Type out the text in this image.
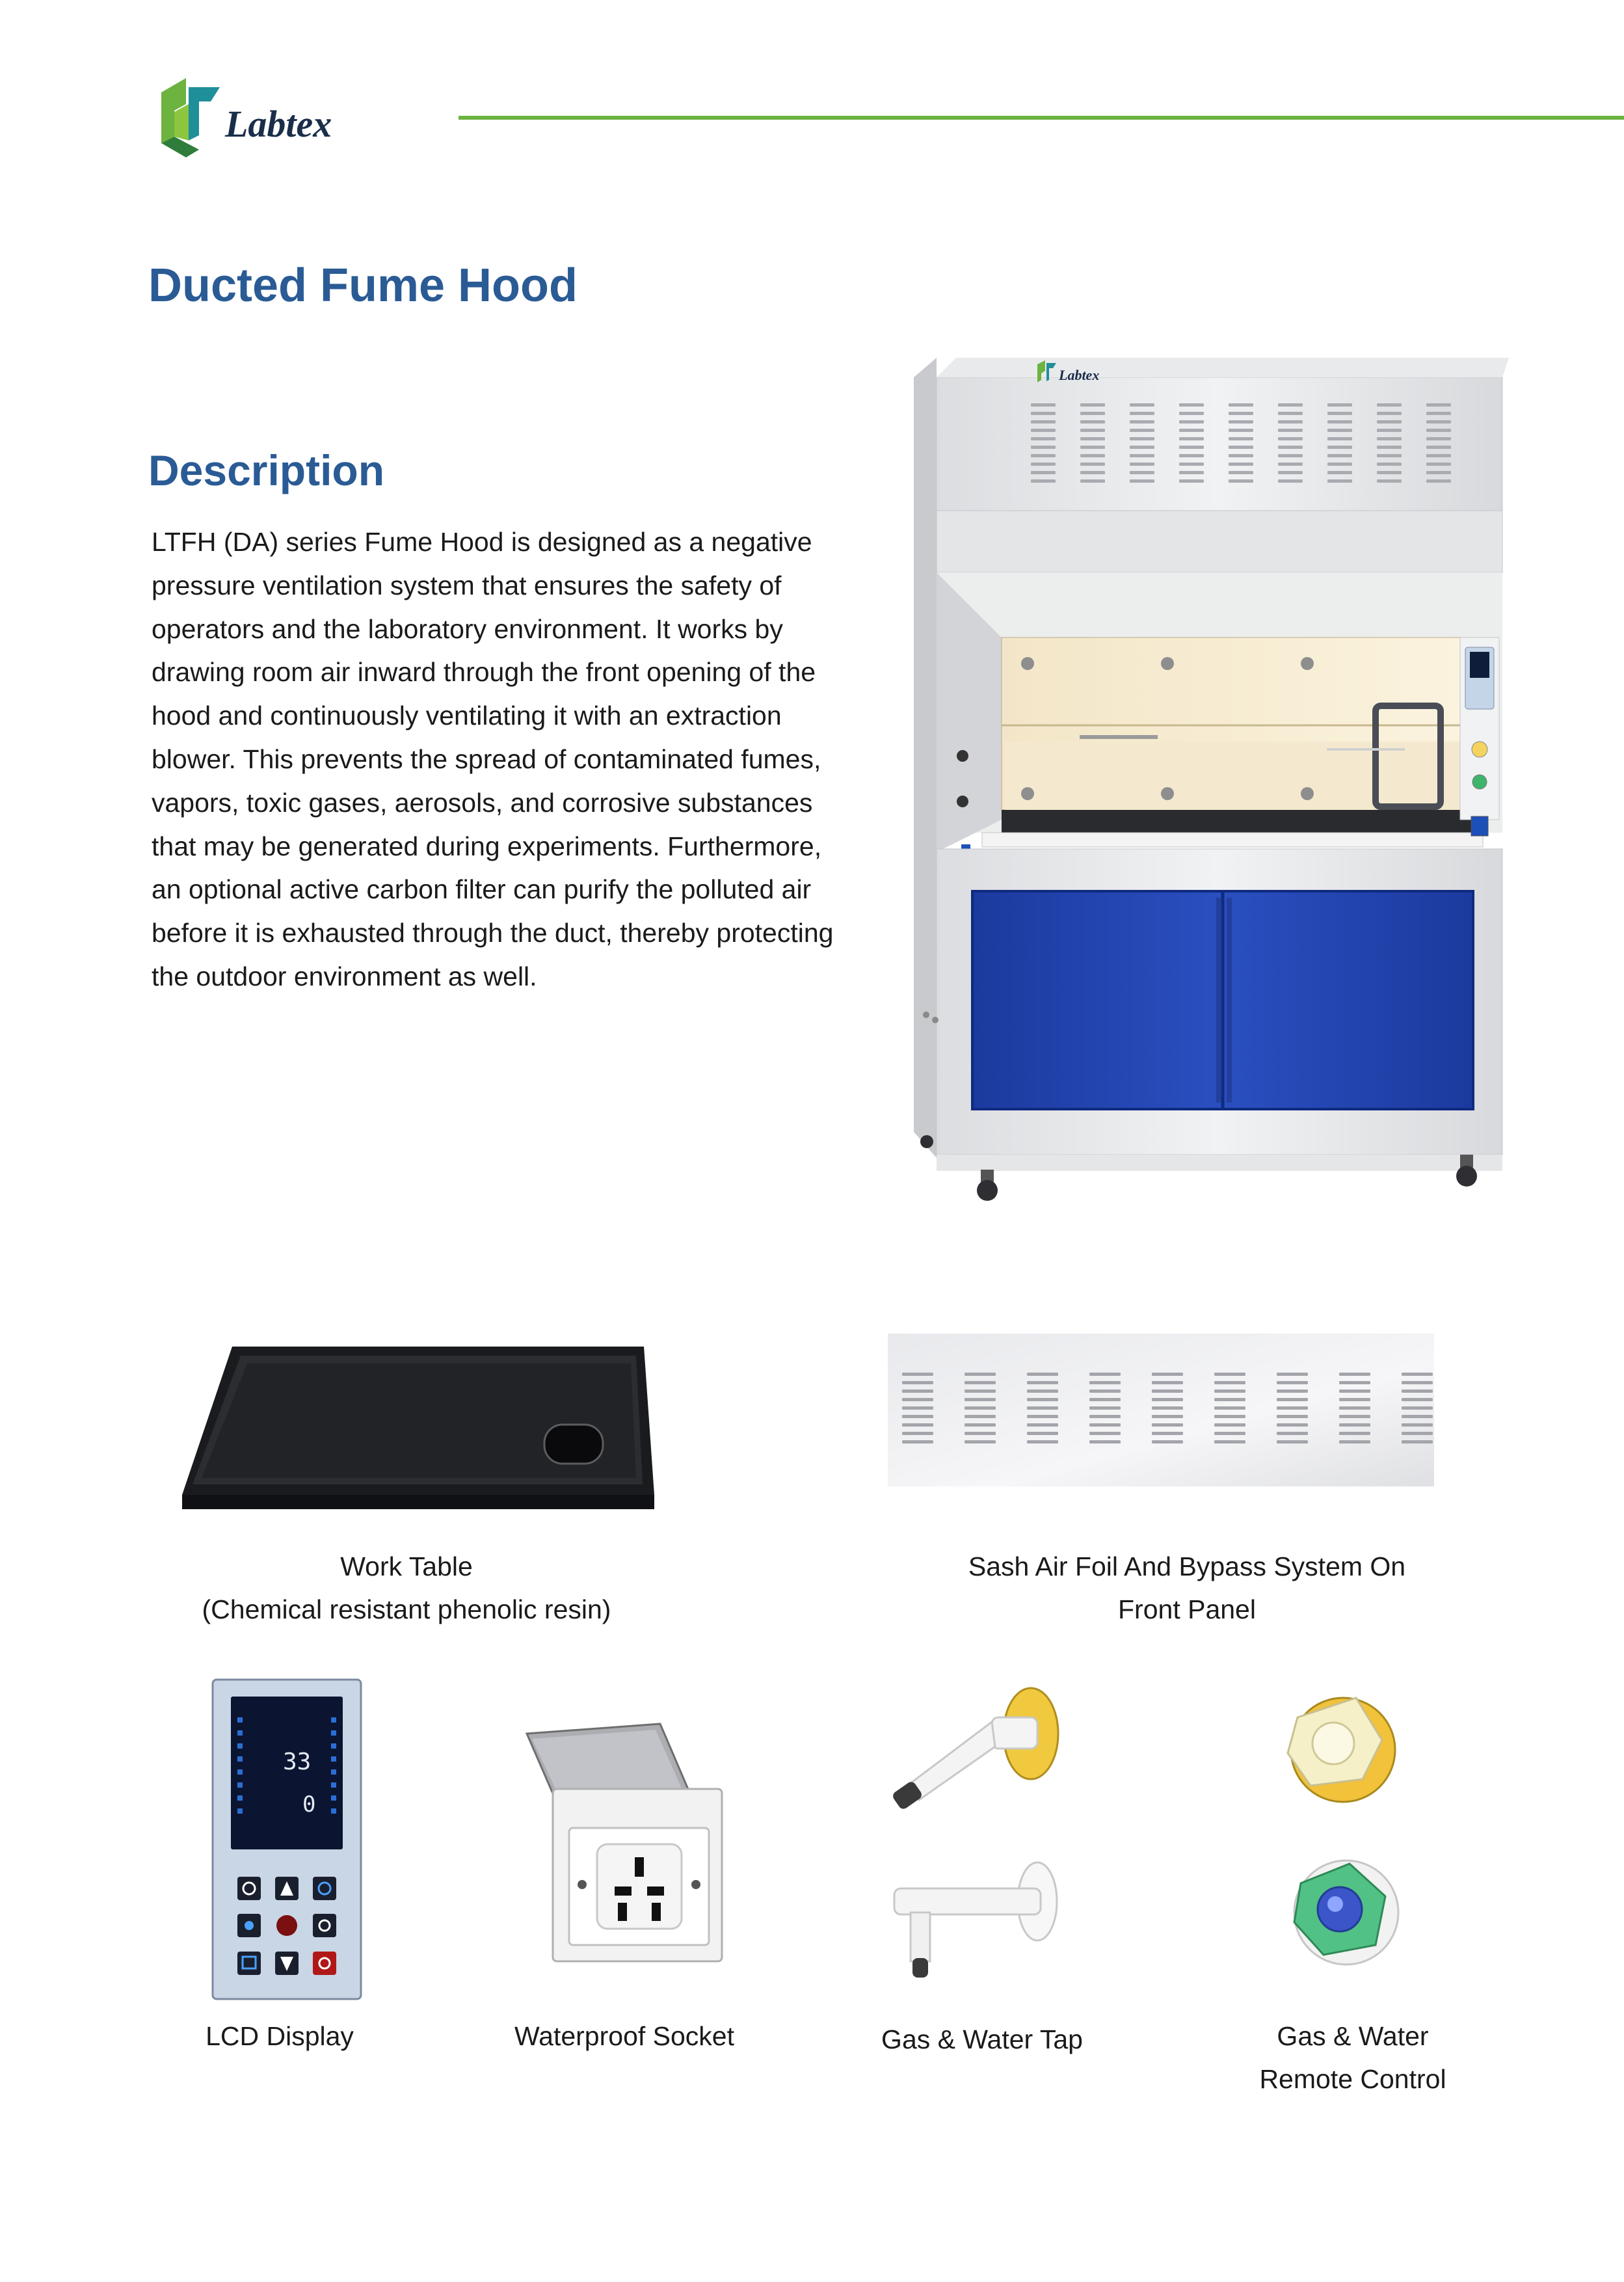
Labtex
Ducted Fume Hood
Description
LTFH (DA) series Fume Hood is designed as a negative
pressure ventilation system that ensures the safety of
operators and the laboratory environment. It works by
drawing room air inward through the front opening of the
hood and continuously ventilating it with an extraction
blower. This prevents the spread of contaminated fumes,
vapors, toxic gases, aerosols, and corrosive substances
that may be generated during experiments. Furthermore,
an optional active carbon filter can purify the polluted air
before it is exhausted through the duct, thereby protecting
the outdoor environment as well.
Labtex
33
0
Work Table
(Chemical resistant phenolic resin)
Sash Air Foil And Bypass System On
Front Panel
LCD Display	Waterproof Socket	Gas & Water Tap	Gas & Water
Remote Control
